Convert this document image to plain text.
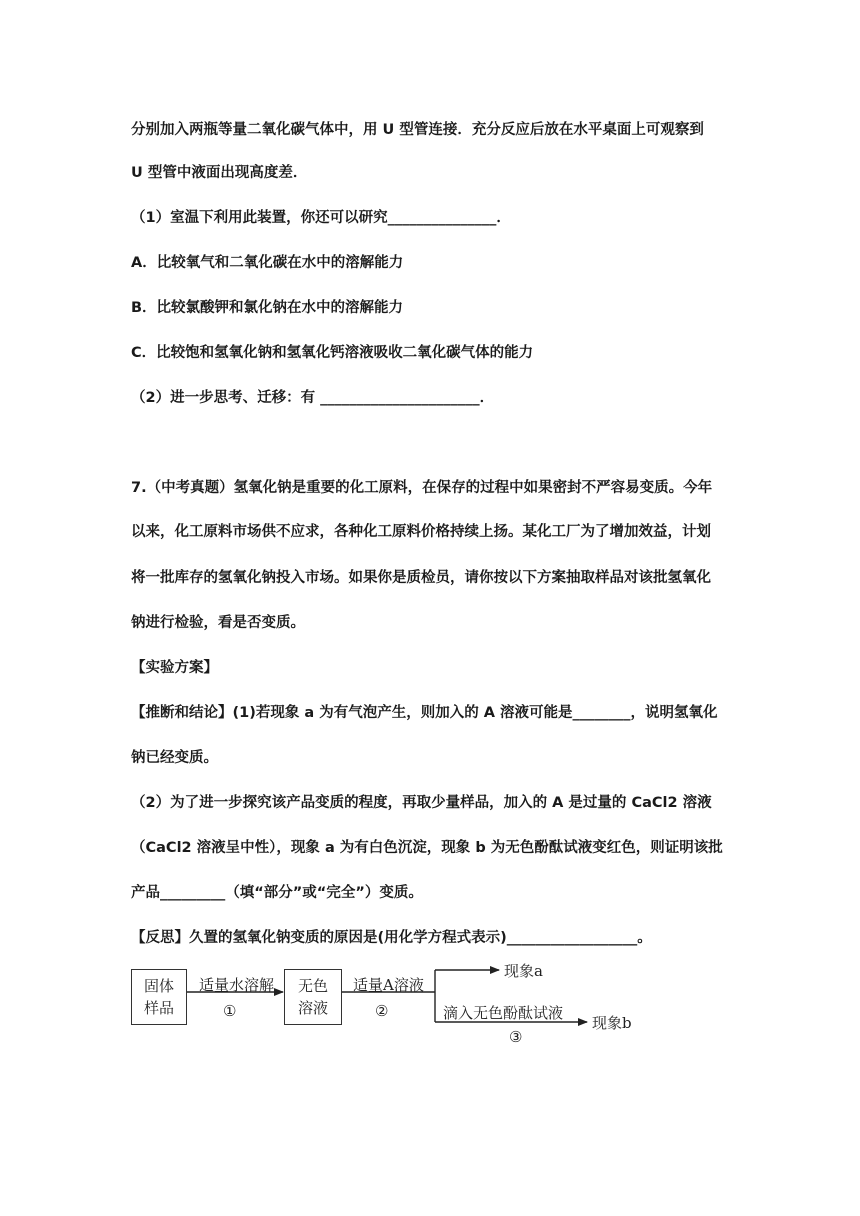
分别加入两瓶等量二氧化碳气体中，用 U 型管连接．充分反应后放在水平桌面上可观察到
U 型管中液面出现高度差．
（1）室温下利用此装置，你还可以研究_______________．
A．比较氧气和二氧化碳在水中的溶解能力
B．比较氯酸钾和氯化钠在水中的溶解能力
C．比较饱和氢氧化钠和氢氧化钙溶液吸收二氧化碳气体的能力
（2）进一步思考、迁移：有 ______________________．
7.（中考真题）氢氧化钠是重要的化工原料，在保存的过程中如果密封不严容易变质。今年
以来，化工原料市场供不应求，各种化工原料价格持续上扬。某化工厂为了增加效益，计划
将一批库存的氢氧化钠投入市场。如果你是质检员，请你按以下方案抽取样品对该批氢氧化
钠进行检验，看是否变质。
【实验方案】
【推断和结论】(1)若现象 a 为有气泡产生，则加入的 A 溶液可能是________，说明氢氧化
钠已经变质。
（2）为了进一步探究该产品变质的程度，再取少量样品，加入的 A 是过量的 CaCl2 溶液
（CaCl2 溶液呈中性），现象 a 为有白色沉淀，现象 b 为无色酚酞试液变红色，则证明该批
产品_________（填“部分”或“完全”）变质。
【反思】久置的氢氧化钠变质的原因是(用化学方程式表示)__________________。
固体
样品
适量水溶解
①
无色
溶液
适量A溶液
②
现象a
滴入无色酚酞试液
③
现象b
